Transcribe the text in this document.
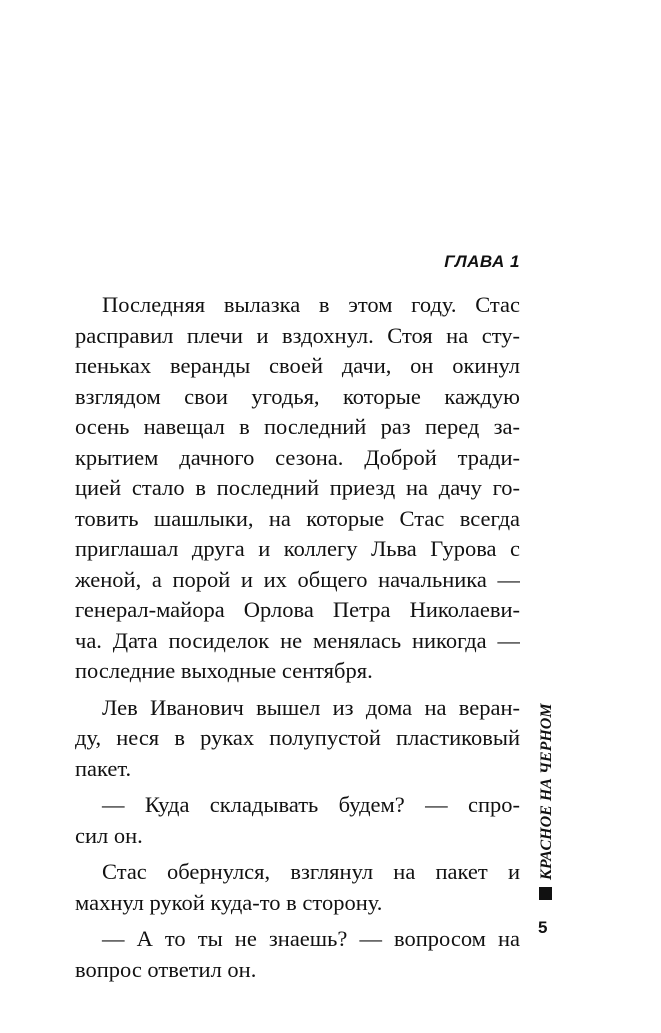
ГЛАВА 1

Последняя вылазка в этом году. Стас
расправил плечи и вздохнул. Стоя на сту-
пеньках веранды своей дачи, он окинул
взглядом свои угодья, которые каждую
осень навещал в последний раз перед за-
крытием дачного сезона. Доброй тради-
цией стало в последний приезд на дачу го-
товить шашлыки, на которые Стас всегда
приглашал друга и коллегу Льва Гурова с
женой, а порой и их общего начальника —
генерал-майора Орлова Петра Николаеви-
ча. Дата посиделок не менялась никогда —
последние выходные сентября.

Лев Иванович вышел из дома на веран-
ду, неся в руках полупустой пластиковый
пакет.

— Куда складывать будем? — спро-
сил он.

Стас обернулся, взглянул на пакет и
махнул рукой куда-то в сторону.

— А то ты не знаешь? — вопросом на
вопрос ответил он.

КРАСНОЕ НА ЧЕРНОМ
5
